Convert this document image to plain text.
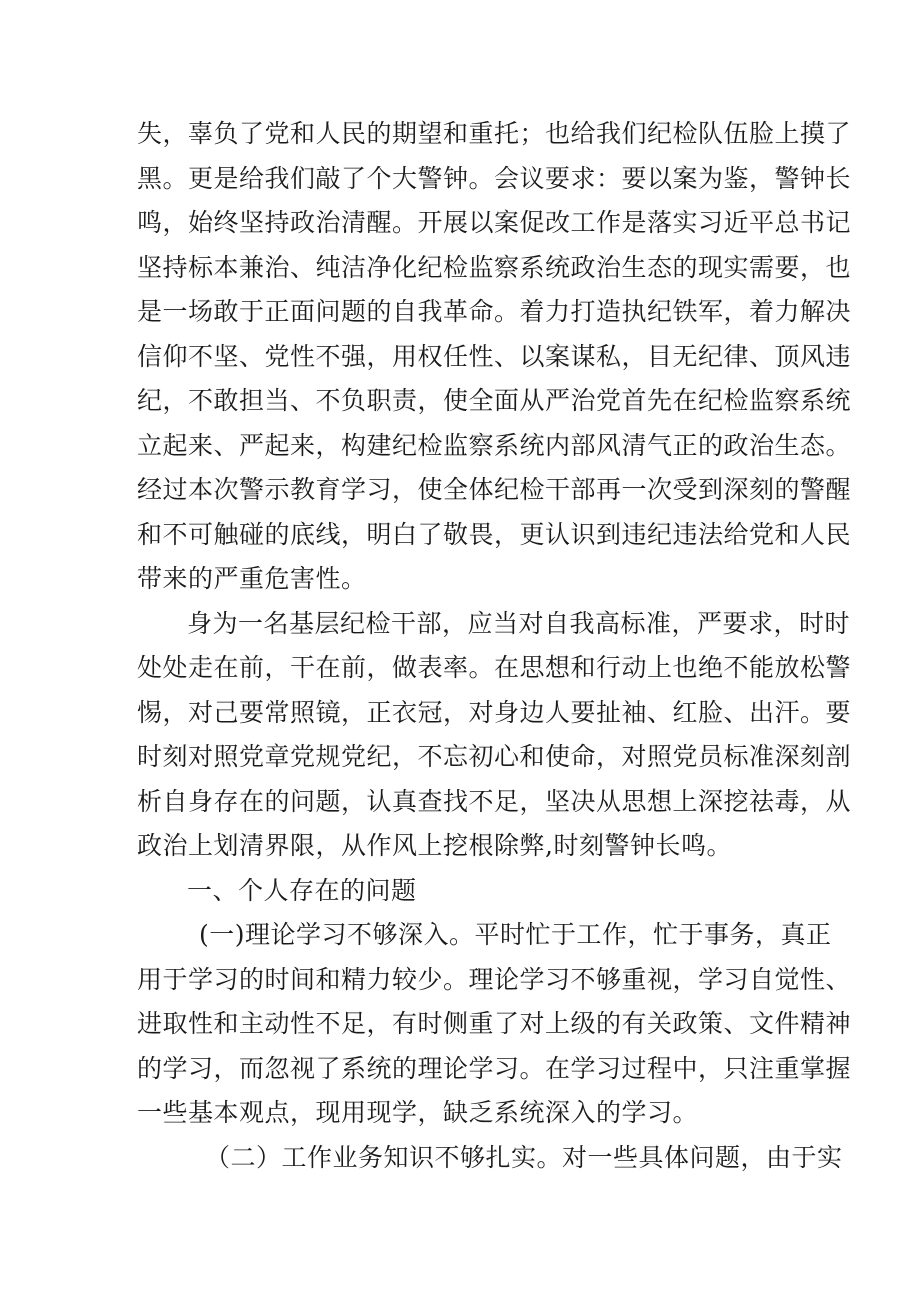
失，辜负了党和人民的期望和重托；也给我们纪检队伍脸上摸了
黑。更是给我们敲了个大警钟。会议要求：要以案为鉴，警钟长
鸣，始终坚持政治清醒。开展以案促改工作是落实习近平总书记
坚持标本兼治、纯洁净化纪检监察系统政治生态的现实需要，也
是一场敢于正面问题的自我革命。着力打造执纪铁军，着力解决
信仰不坚、党性不强，用权任性、以案谋私，目无纪律、顶风违
纪，不敢担当、不负职责，使全面从严治党首先在纪检监察系统
立起来、严起来，构建纪检监察系统内部风清气正的政治生态。
经过本次警示教育学习，使全体纪检干部再一次受到深刻的警醒
和不可触碰的底线，明白了敬畏，更认识到违纪违法给党和人民
带来的严重危害性。
身为一名基层纪检干部，应当对自我高标准，严要求，时时
处处走在前，干在前，做表率。在思想和行动上也绝不能放松警
惕，对己要常照镜，正衣冠，对身边人要扯袖、红脸、出汗。要
时刻对照党章党规党纪，不忘初心和使命，对照党员标准深刻剖
析自身存在的问题，认真查找不足，坚决从思想上深挖祛毒，从
政治上划清界限，从作风上挖根除弊,时刻警钟长鸣。
一、个人存在的问题
(一)理论学习不够深入。平时忙于工作，忙于事务，真正
用于学习的时间和精力较少。理论学习不够重视，学习自觉性、
进取性和主动性不足，有时侧重了对上级的有关政策、文件精神
的学习，而忽视了系统的理论学习。在学习过程中，只注重掌握
一些基本观点，现用现学，缺乏系统深入的学习。
（二）工作业务知识不够扎实。对一些具体问题，由于实
